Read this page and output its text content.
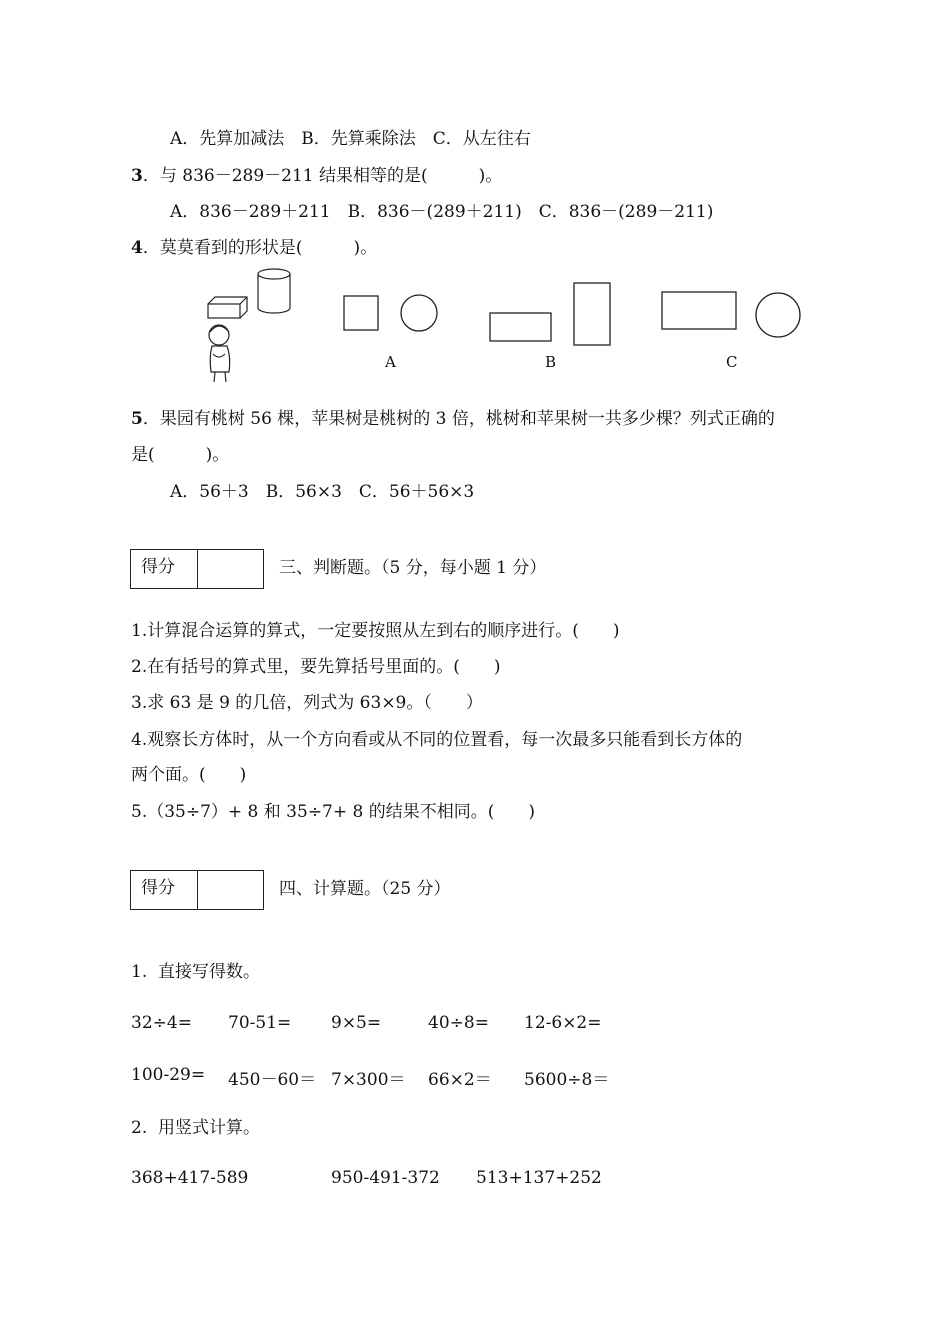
A．先算加减法　B．先算乘除法　C．从左往右
3．与 836－289－211 结果相等的是(　　　)。
A．836－289＋211　B．836－(289＋211)　C．836－(289－211)
4．莫莫看到的形状是(　　　)。
A	B	C
5．果园有桃树 56 棵，苹果树是桃树的 3 倍，桃树和苹果树一共多少棵？列式正确的
是(　　　)。
A．56＋3　B．56×3　C．56＋56×3
得分	三、判断题。（5 分，每小题 1 分）
1.计算混合运算的算式，一定要按照从左到右的顺序进行。(　　)
2.在有括号的算式里，要先算括号里面的。(　　)
3.求 63 是 9 的几倍，列式为 63×9。（　　）
4.观察长方体时，从一个方向看或从不同的位置看，每一次最多只能看到长方体的
两个面。(　　)
5.（35÷7）+ 8 和 35÷7+ 8 的结果不相同。(　　)
得分	四、计算题。（25 分）
1.  直接写得数。
32÷4= 70-51= 9×5=	40÷8= 12-6×2=
100-29= 450－60＝ 7×300＝ 66×2＝ 5600÷8＝
2.  用竖式计算。
368+417-589	950-491-372 513+137+252
